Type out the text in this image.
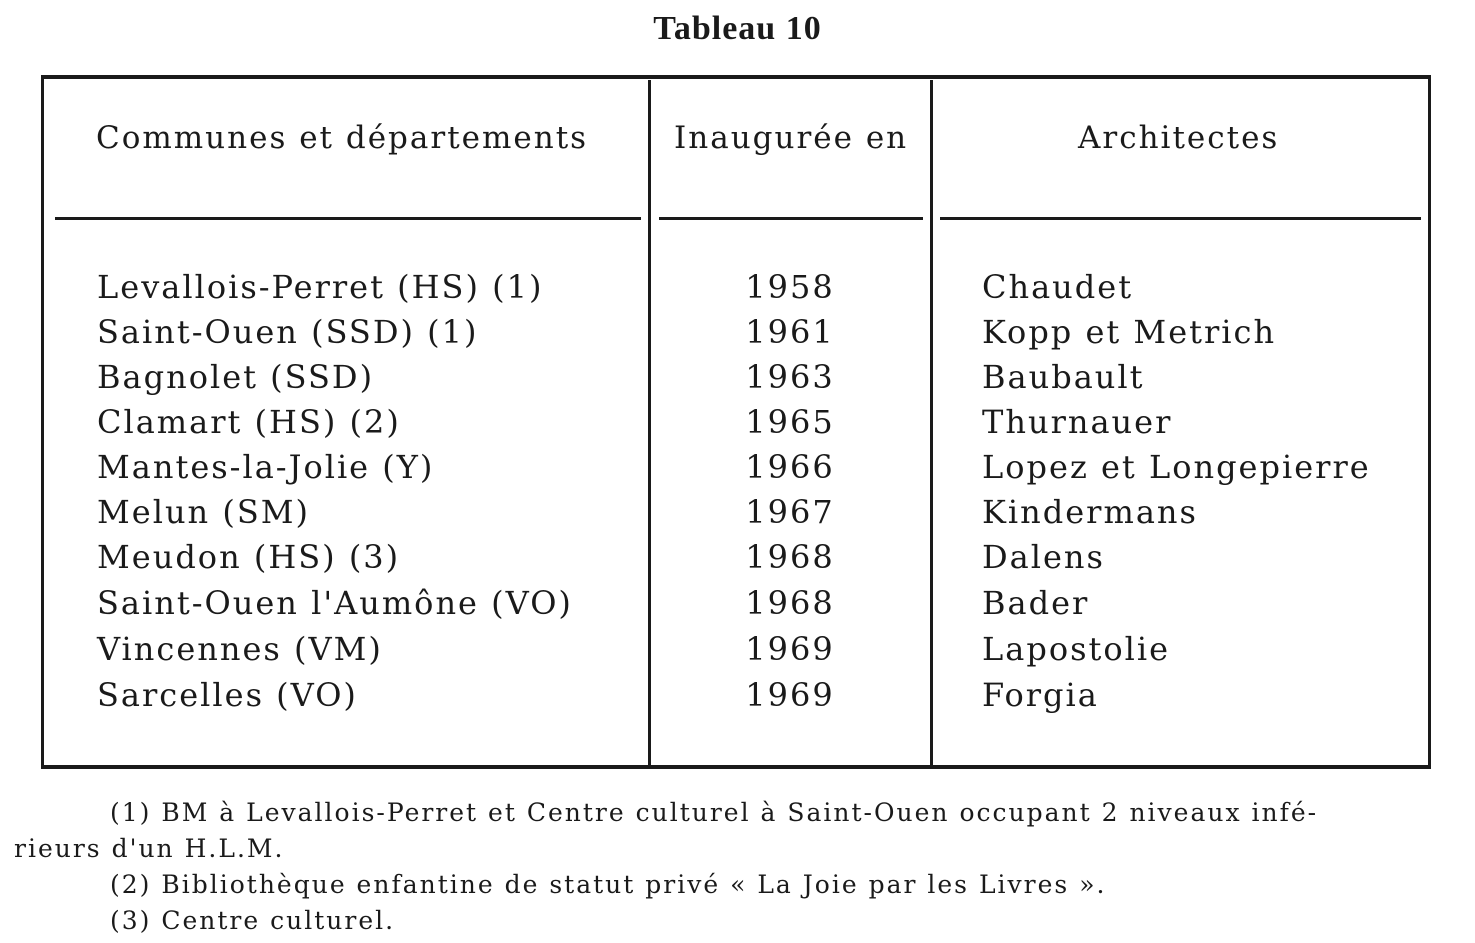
Tableau 10
Communes et départements	Inaugurée en	Architectes
Levallois-Perret (HS) (1)	1958	Chaudet
Saint-Ouen (SSD) (1)	1961	Kopp et Metrich
Bagnolet (SSD)	1963	Baubault
Clamart (HS) (2)	1965	Thurnauer
Mantes-la-Jolie (Y)	1966	Lopez et Longepierre
Melun (SM)	1967	Kindermans
Meudon (HS) (3)	1968	Dalens
Saint-Ouen l'Aumône (VO)	1968	Bader
Vincennes (VM)	1969	Lapostolie
Sarcelles (VO)	1969	Forgia
(1) BM à Levallois-Perret et Centre culturel à Saint-Ouen occupant 2 niveaux infé-
rieurs d'un H.L.M.
(2) Bibliothèque enfantine de statut privé « La Joie par les Livres ».
(3) Centre culturel.
